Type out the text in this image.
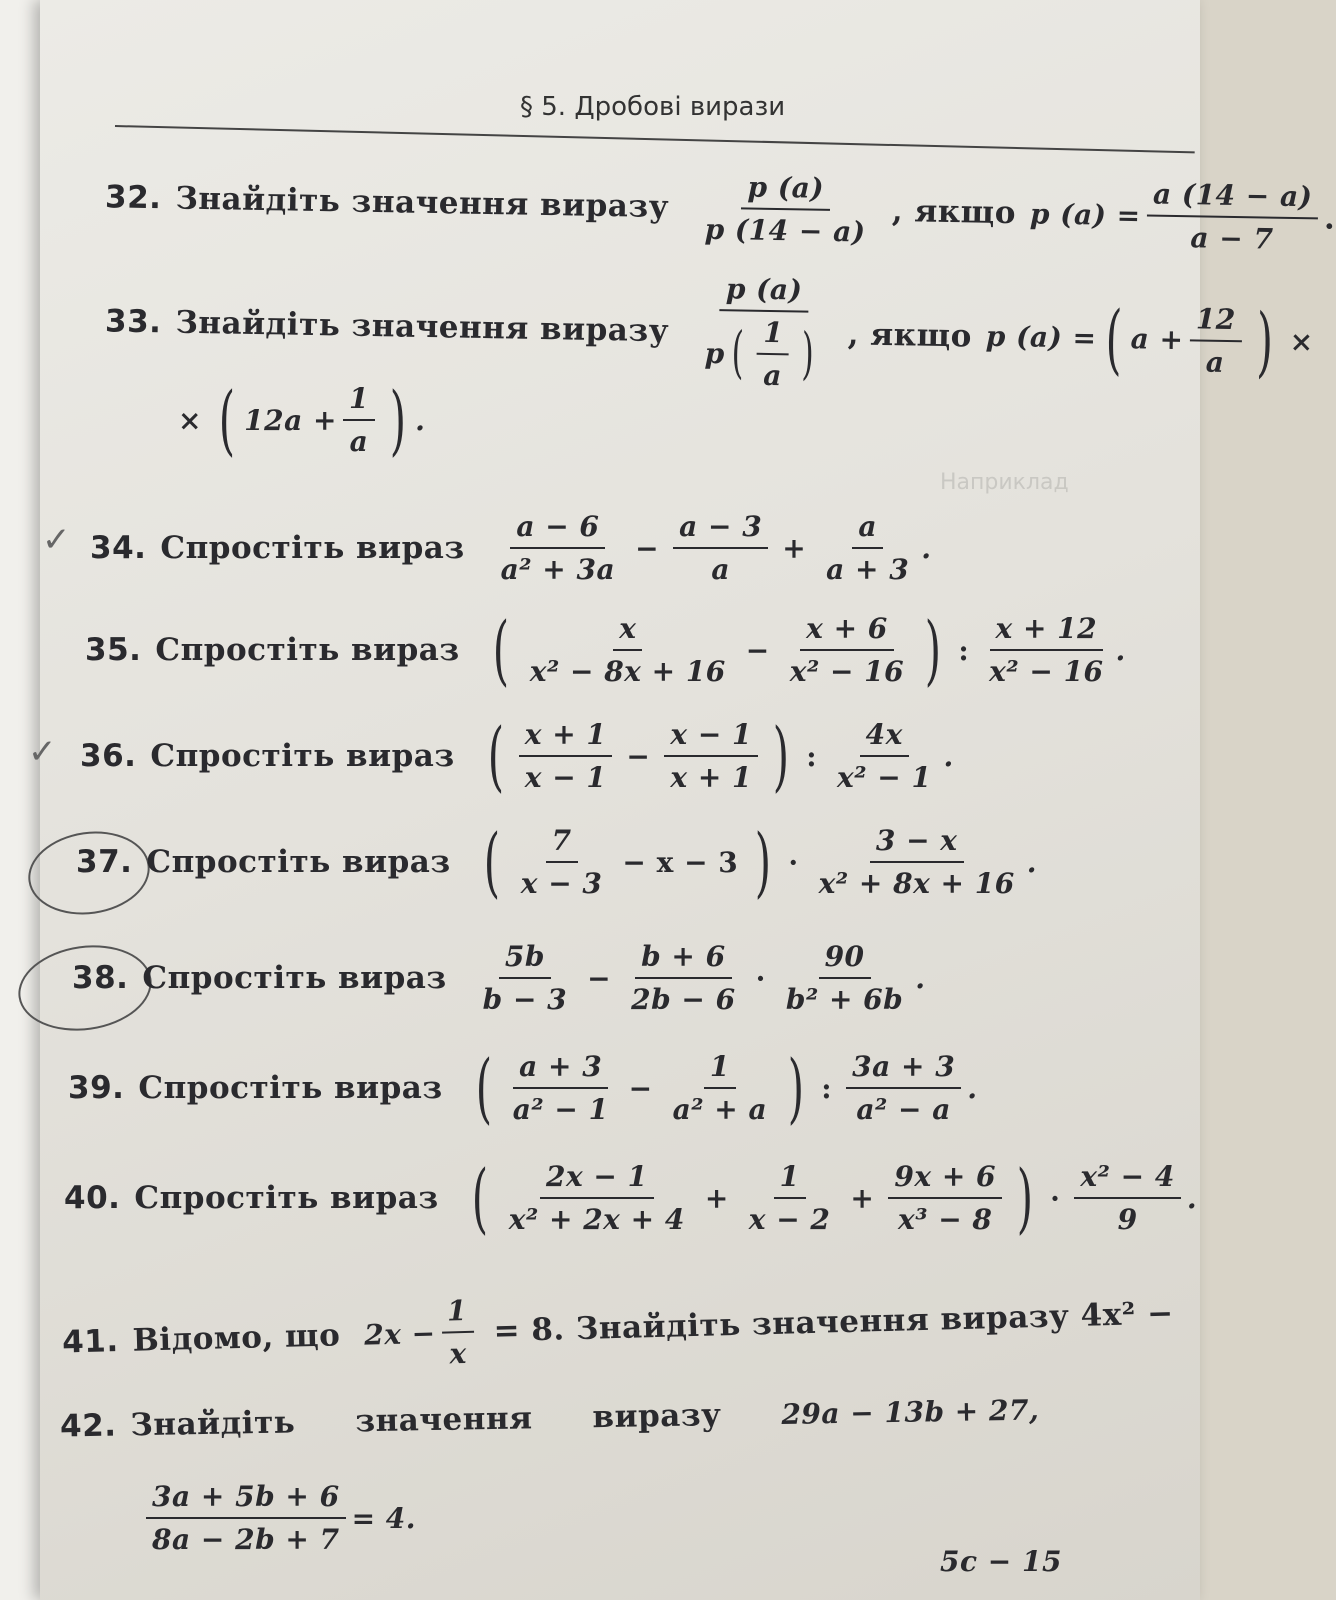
Наприклад
§ 5. Дробові вирази
32. Знайдіть значення виразу $\frac{p (a)}{p (14 - a)}$ , якщо p $(a) = \frac{a (14 - a)}{a - 7}$ .
33. Знайдіть значення виразу $\frac{p (a)}{p ( \frac{1}{a} )}$ , якщо p (a) = ( $a + \frac{12}{a}$ ) ×
× ( $12a + \frac{1}{a}$ ) .
✓ 34. Спростіть вираз $\frac{a - 6}{\text{a² + 3a}} - \frac{a - 3}{a} + \frac{a}{a + 3}$ .
35. Спростіть вираз ( $\frac{x}{\text{x² − 8x + 16}} - \frac{x + 6}{\text{x² − 16}}$ ) : $\frac{x + 12}{\text{x² − 16}}$ .
✓ 36. Спростіть вираз ( $\frac{x + 1}{x - 1} - \frac{x - 1}{x + 1}$ ) : $\frac{4x}{\text{x² − 1}}$ .
37. Спростіть вираз ( $\frac{7}{x - 3} - x - 3$ ) · $\frac{3 - x}{\text{x² + 8x + 16}}$ .
38. Спростіть вираз $\frac{5b}{b - 3} - \frac{b + 6}{2b - 6} \cdot \frac{90}{\text{b² + 6b}}$ .
39. Спростіть вираз ( $\frac{a + 3}{\text{a² − 1}} - \frac{1}{\text{a² + a}}$ ) : $\frac{3a + 3}{\text{a² − a}}$ .
40. Спростіть вираз ( $\frac{2x - 1}{\text{x² + 2x + 4}} + \frac{1}{x - 2} + \frac{9x + 6}{\text{x³ − 8}}$ ) · $\frac{\text{x² − 4}}{9}$ .
41. Відомо, що $2x - \frac{1}{x} = 8$. Знайдіть значення виразу 4x² −
42. Знайдіть значення виразу 29a − 13b + 27,
$\frac{3a + 5b + 6}{8a - 2b + 7} = 4$.
5c − 15
